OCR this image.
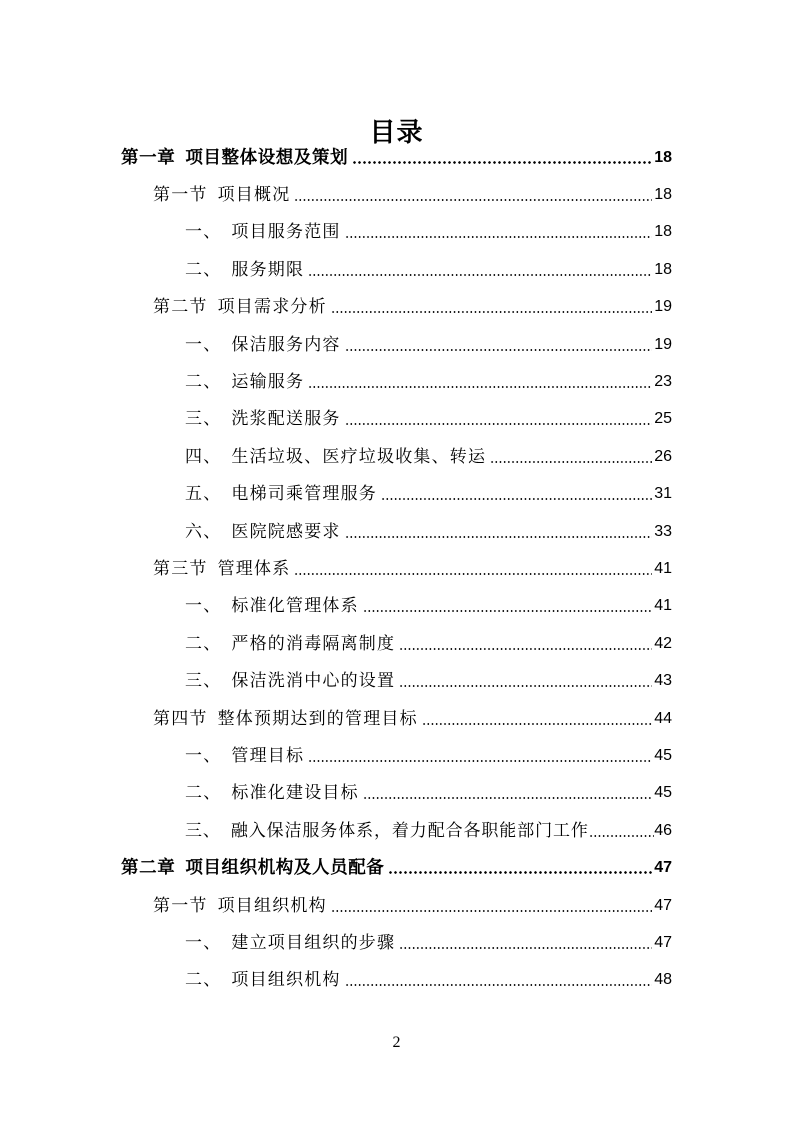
目录
第一章 项目整体设想及策划	18
第一节 项目概况	18
一、 项目服务范围	18
二、 服务期限	18
第二节 项目需求分析	19
一、 保洁服务内容	19
二、 运输服务	23
三、 洗浆配送服务	25
四、 生活垃圾、医疗垃圾收集、转运	26
五、 电梯司乘管理服务	31
六、 医院院感要求	33
第三节 管理体系	41
一、 标准化管理体系	41
二、 严格的消毒隔离制度	42
三、 保洁洗消中心的设置	43
第四节 整体预期达到的管理目标	44
一、 管理目标	45
二、 标准化建设目标	45
三、 融入保洁服务体系，着力配合各职能部门工作	46
第二章 项目组织机构及人员配备	47
第一节 项目组织机构	47
一、 建立项目组织的步骤	47
二、 项目组织机构	48
2
